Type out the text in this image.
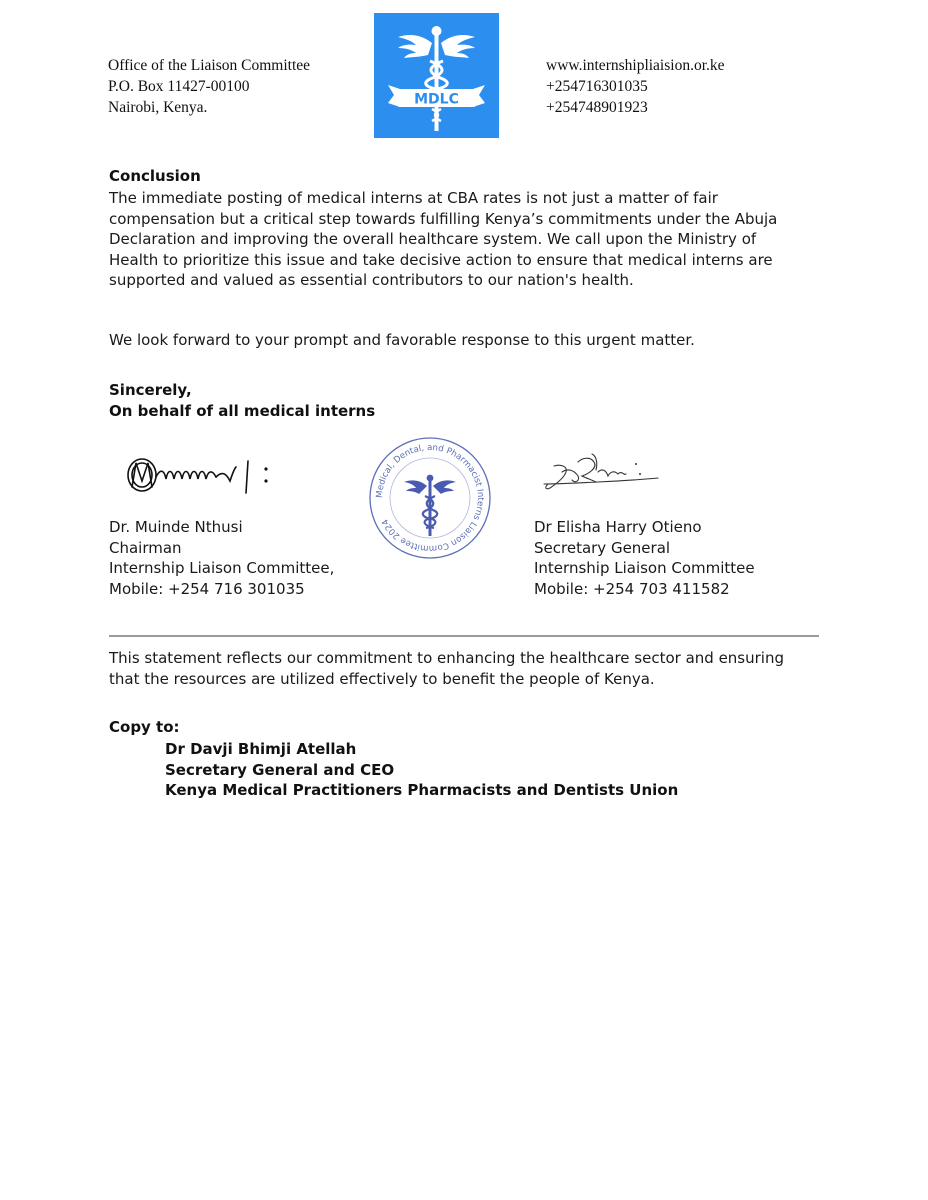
Office of the Liaison Committee
P.O. Box 11427-00100
Nairobi, Kenya.	MDLC
www.internshipliaision.or.ke
+254716301035
+254748901923
Conclusion
The immediate posting of medical interns at CBA rates is not just a matter of fair
compensation but a critical step towards fulfilling Kenya’s commitments under the Abuja
Declaration and improving the overall healthcare system. We call upon the Ministry of
Health to prioritize this issue and take decisive action to ensure that medical interns are
supported and valued as essential contributors to our nation's health.
We look forward to your prompt and favorable response to this urgent matter.
Sincerely,
On behalf of all medical interns
Medical, Dental, and Pharmacist Interns Liaison Committee 2024
Dr. Muinde Nthusi
Chairman
Internship Liaison Committee,
Mobile: +254 716 301035
Dr Elisha Harry Otieno
Secretary General
Internship Liaison Committee
Mobile: +254 703 411582
This statement reflects our commitment to enhancing the healthcare sector and ensuring
that the resources are utilized effectively to benefit the people of Kenya.
Copy to:
Dr Davji Bhimji Atellah
Secretary General and CEO
Kenya Medical Practitioners Pharmacists and Dentists Union
